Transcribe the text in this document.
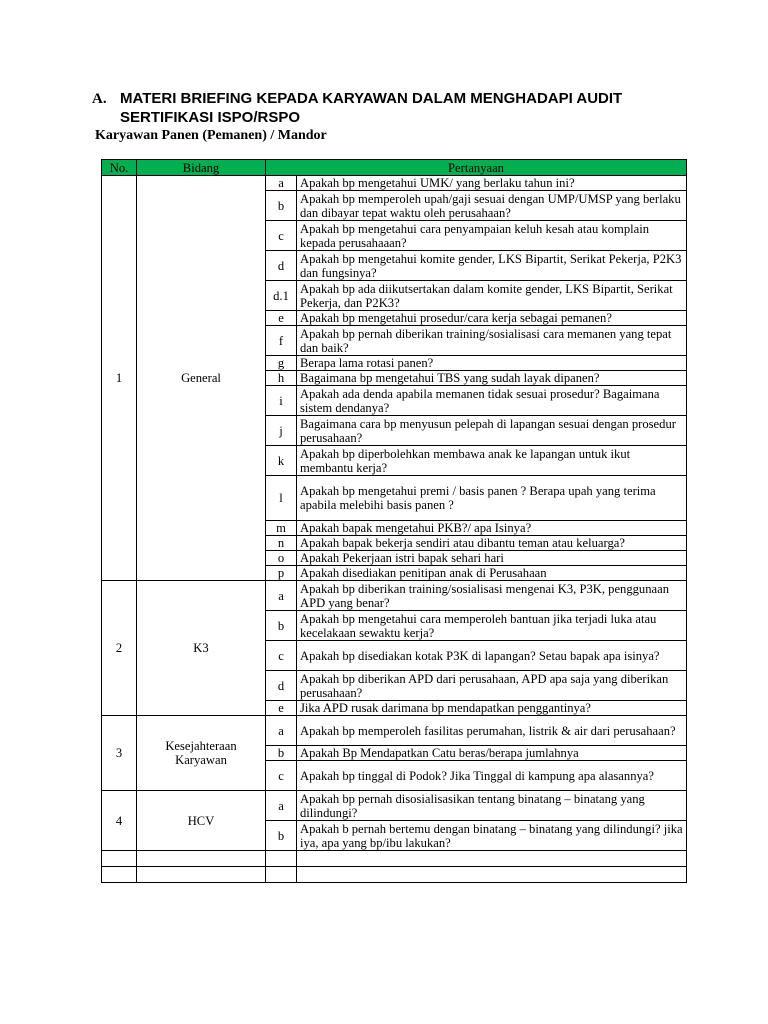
A. MATERI BRIEFING KEPADA KARYAWAN DALAM MENGHADAPI AUDIT SERTIFIKASI ISPO/RSPO
Karyawan Panen (Pemanen) / Mandor
No.	Bidang	Pertanyaan	
1	General	a	Apakah bp mengetahui UMK/ yang berlaku tahun ini?
		b	Apakah bp memperoleh upah/gaji sesuai dengan UMP/UMSP yang berlaku dan dibayar tepat waktu oleh perusahaan?
		c	Apakah bp mengetahui cara penyampaian keluh kesah atau komplain kepada perusahaaan?
		d	Apakah bp mengetahui komite gender, LKS Bipartit, Serikat Pekerja, P2K3 dan fungsinya?
		d.1	Apakah bp ada diikutsertakan dalam komite gender, LKS Bipartit, Serikat Pekerja, dan P2K3?
		e	Apakah bp mengetahui prosedur/cara kerja sebagai pemanen?
		f	Apakah bp pernah diberikan training/sosialisasi cara memanen yang tepat dan baik?
		g	Berapa lama rotasi panen?
		h	Bagaimana bp mengetahui TBS yang sudah layak dipanen?
		i	Apakah ada denda apabila memanen tidak sesuai prosedur? Bagaimana sistem dendanya?
		j	Bagaimana cara bp menyusun pelepah di lapangan sesuai dengan prosedur perusahaan?
		k	Apakah bp diperbolehkan membawa anak ke lapangan untuk ikut membantu kerja?
		l	Apakah bp mengetahui premi / basis panen ? Berapa upah yang terima apabila melebihi basis panen ?
		m	Apakah bapak mengetahui PKB?/ apa Isinya?
		n	Apakah bapak bekerja sendiri atau dibantu teman atau keluarga?
		o	Apakah Pekerjaan istri bapak sehari hari
		p	Apakah disediakan penitipan anak di Perusahaan
2	K3	a	Apakah bp diberikan training/sosialisasi mengenai K3, P3K, penggunaan APD yang benar?
		b	Apakah bp mengetahui cara memperoleh bantuan jika terjadi luka atau kecelakaan sewaktu kerja?
		c	Apakah bp disediakan kotak P3K di lapangan? Setau bapak apa isinya?
		d	Apakah bp diberikan APD dari perusahaan, APD apa saja yang diberikan perusahaan?
		e	Jika APD rusak darimana bp mendapatkan penggantinya?
3	Kesejahteraan Karyawan	a	Apakah bp memperoleh fasilitas perumahan, listrik & air dari perusahaan?
		b	Apakah Bp Mendapatkan Catu beras/berapa jumlahnya
		c	Apakah bp tinggal di Podok? Jika Tinggal di kampung apa alasannya?
4	HCV	a	Apakah bp pernah disosialisasikan tentang binatang – binatang yang dilindungi?
		b	Apakah b pernah bertemu dengan binatang – binatang yang dilindungi? jika iya, apa yang bp/ibu lakukan?
